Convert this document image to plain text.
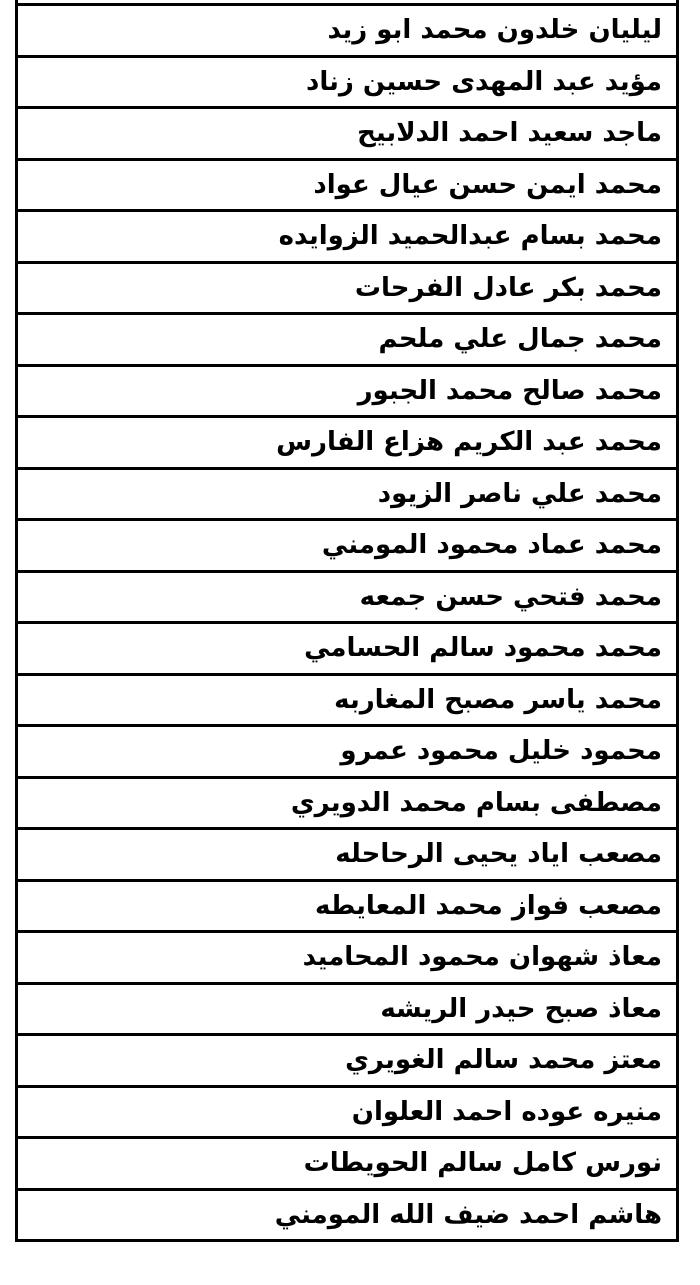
ليليان خلدون محمد ابو زيد
مؤيد عبد المهدى حسين زناد
ماجد سعيد احمد الدلابيح
محمد ايمن حسن عيال عواد
محمد بسام عبدالحميد الزوايده
محمد بكر عادل الفرحات
محمد جمال علي ملحم
محمد صالح محمد الجبور
محمد عبد الكريم هزاع الفارس
محمد علي ناصر الزيود
محمد عماد محمود المومني
محمد فتحي حسن جمعه
محمد محمود سالم الحسامي
محمد ياسر مصبح المغاربه
محمود خليل محمود عمرو
مصطفى بسام محمد الدويري
مصعب اياد يحيى الرحاحله
مصعب فواز محمد المعايطه
معاذ شهوان محمود المحاميد
معاذ صبح حيدر الريشه
معتز محمد سالم الغويري
منيره عوده احمد العلوان
نورس كامل سالم الحويطات
هاشم احمد ضيف الله المومني
